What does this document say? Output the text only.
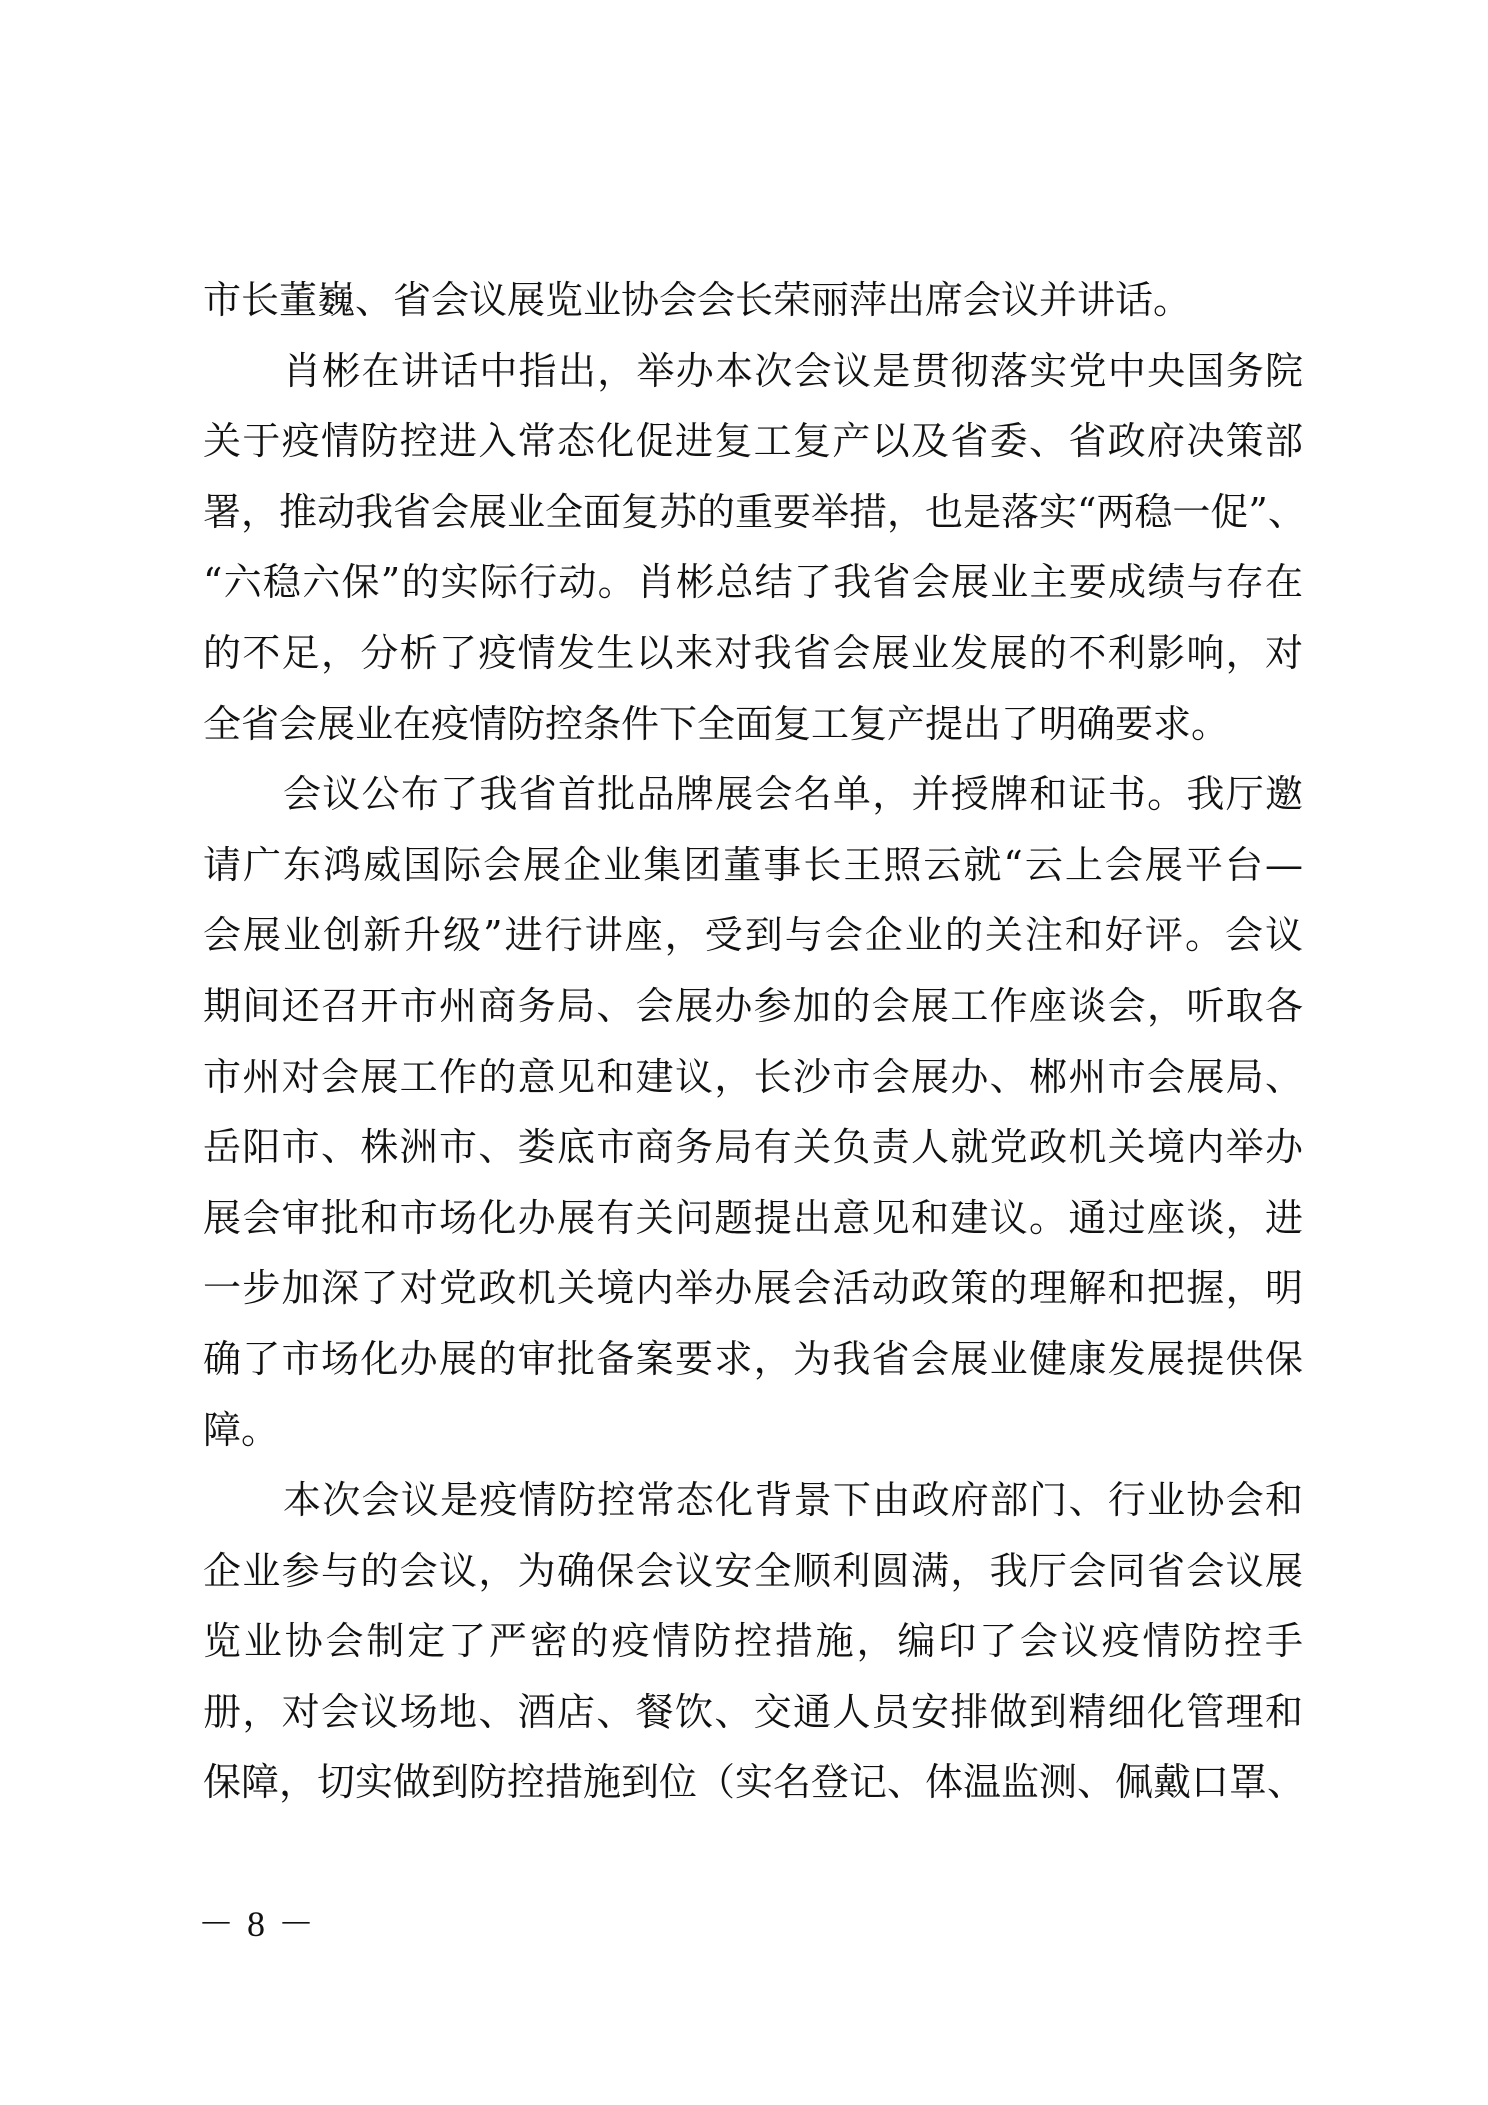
市长董巍、省会议展览业协会会长荣丽萍出席会议并讲话。
肖彬在讲话中指出，举办本次会议是贯彻落实党中央国务院
关于疫情防控进入常态化促进复工复产以及省委、省政府决策部
署，推动我省会展业全面复苏的重要举措，也是落实“两稳一促”、
“六稳六保”的实际行动。肖彬总结了我省会展业主要成绩与存在
的不足，分析了疫情发生以来对我省会展业发展的不利影响，对
全省会展业在疫情防控条件下全面复工复产提出了明确要求。
会议公布了我省首批品牌展会名单，并授牌和证书。我厅邀
请广东鸿威国际会展企业集团董事长王照云就“云上会展平台—
会展业创新升级”进行讲座，受到与会企业的关注和好评。会议
期间还召开市州商务局、会展办参加的会展工作座谈会，听取各
市州对会展工作的意见和建议，长沙市会展办、郴州市会展局、
岳阳市、株洲市、娄底市商务局有关负责人就党政机关境内举办
展会审批和市场化办展有关问题提出意见和建议。通过座谈，进
一步加深了对党政机关境内举办展会活动政策的理解和把握，明
确了市场化办展的审批备案要求，为我省会展业健康发展提供保
障。
本次会议是疫情防控常态化背景下由政府部门、行业协会和
企业参与的会议，为确保会议安全顺利圆满，我厅会同省会议展
览业协会制定了严密的疫情防控措施，编印了会议疫情防控手
册，对会议场地、酒店、餐饮、交通人员安排做到精细化管理和
保障，切实做到防控措施到位（实名登记、体温监测、佩戴口罩、
－ 8 －
